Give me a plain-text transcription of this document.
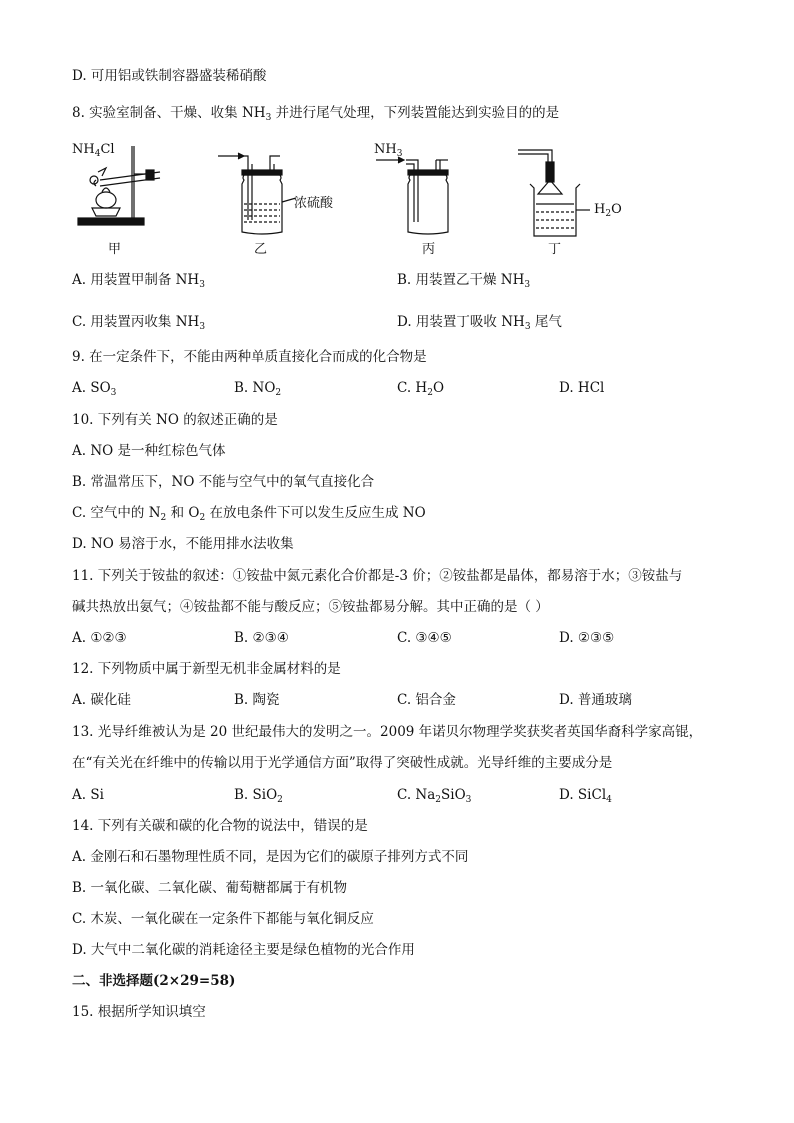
D. 可用铝或铁制容器盛装稀硝酸
8. 实验室制备、干燥、收集 $NH_3$ 并进行尾气处理，下列装置能达到实验目的的是
$NH_4Cl$
浓硫酸
$NH_3$
$H_2O$
甲	乙	丙	丁
A. 用装置甲制备 $NH_3$	B. 用装置乙干燥 $NH_3$
C. 用装置丙收集 $NH_3$	D. 用装置丁吸收 $NH_3$ 尾气
9. 在一定条件下，不能由两种单质直接化合而成的化合物是
A. $SO_3$	B. $NO_2$	C. $H_2O$	D. HCl
10. 下列有关 NO 的叙述正确的是
A. NO 是一种红棕色气体
B. 常温常压下，NO 不能与空气中的氧气直接化合
C. 空气中的 $N_2$ 和 $O_2$ 在放电条件下可以发生反应生成 NO
D. NO 易溶于水，不能用排水法收集
11. 下列关于铵盐的叙述：①铵盐中氮元素化合价都是-3 价；②铵盐都是晶体，都易溶于水；③铵盐与
碱共热放出氨气；④铵盐都不能与酸反应；⑤铵盐都易分解。其中正确的是（ ）
A. ①②③	B. ②③④	C. ③④⑤	D. ②③⑤
12. 下列物质中属于新型无机非金属材料的是
A. 碳化硅	B. 陶瓷	C. 铝合金	D. 普通玻璃
13. 光导纤维被认为是 20 世纪最伟大的发明之一。2009 年诺贝尔物理学奖获奖者英国华裔科学家高锟，
在“有关光在纤维中的传输以用于光学通信方面”取得了突破性成就。光导纤维的主要成分是
A. Si	B. SiO$_2$	C. $Na_2SiO_3$	D. SiCl$_4$
14. 下列有关碳和碳的化合物的说法中，错误的是
A. 金刚石和石墨物理性质不同，是因为它们的碳原子排列方式不同
B. 一氧化碳、二氧化碳、葡萄糖都属于有机物
C. 木炭、一氧化碳在一定条件下都能与氧化铜反应
D. 大气中二氧化碳的消耗途径主要是绿色植物的光合作用
二、非选择题(2×29=58)
15. 根据所学知识填空
